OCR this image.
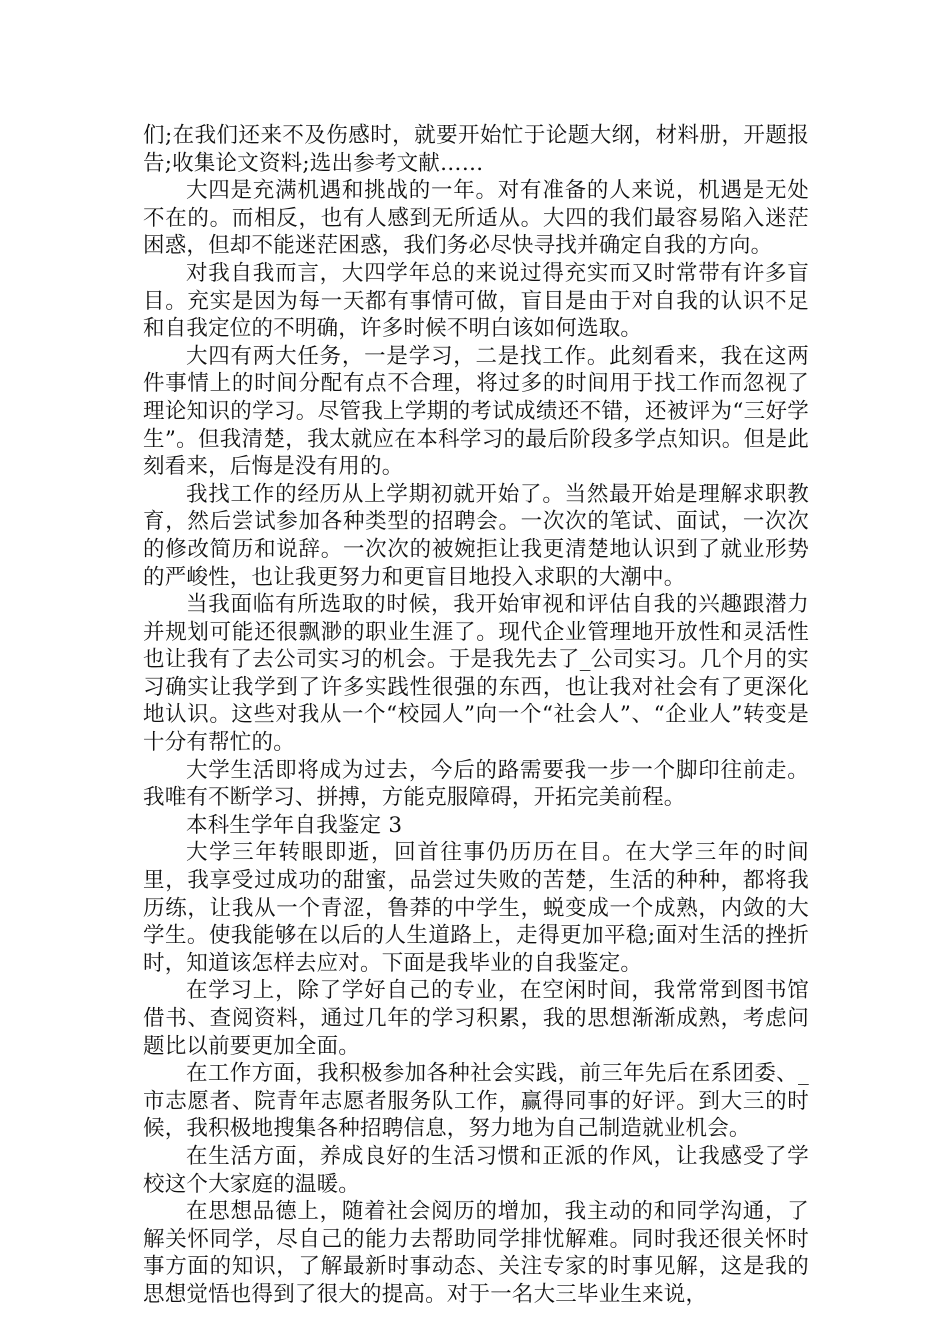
们;在我们还来不及伤感时，就要开始忙于论题大纲，材料册，开题报告;收集论文资料;选出参考文献……

大四是充满机遇和挑战的一年。对有准备的人来说，机遇是无处不在的。而相反，也有人感到无所适从。大四的我们最容易陷入迷茫困惑，但却不能迷茫困惑，我们务必尽快寻找并确定自我的方向。

对我自我而言，大四学年总的来说过得充实而又时常带有许多盲目。充实是因为每一天都有事情可做，盲目是由于对自我的认识不足和自我定位的不明确，许多时候不明白该如何选取。

大四有两大任务，一是学习，二是找工作。此刻看来，我在这两件事情上的时间分配有点不合理，将过多的时间用于找工作而忽视了理论知识的学习。尽管我上学期的考试成绩还不错，还被评为“三好学生”。但我清楚，我太就应在本科学习的最后阶段多学点知识。但是此刻看来，后悔是没有用的。

我找工作的经历从上学期初就开始了。当然最开始是理解求职教育，然后尝试参加各种类型的招聘会。一次次的笔试、面试，一次次的修改简历和说辞。一次次的被婉拒让我更清楚地认识到了就业形势的严峻性，也让我更努力和更盲目地投入求职的大潮中。

当我面临有所选取的时候，我开始审视和评估自我的兴趣跟潜力并规划可能还很飘渺的职业生涯了。现代企业管理地开放性和灵活性也让我有了去公司实习的机会。于是我先去了_公司实习。几个月的实习确实让我学到了许多实践性很强的东西，也让我对社会有了更深化地认识。这些对我从一个“校园人”向一个“社会人”、“企业人”转变是十分有帮忙的。

大学生活即将成为过去，今后的路需要我一步一个脚印往前走。我唯有不断学习、拼搏，方能克服障碍，开拓完美前程。

本科生学年自我鉴定 3

大学三年转眼即逝，回首往事仍历历在目。在大学三年的时间里，我享受过成功的甜蜜，品尝过失败的苦楚，生活的种种，都将我历练，让我从一个青涩，鲁莽的中学生，蜕变成一个成熟，内敛的大学生。使我能够在以后的人生道路上，走得更加平稳;面对生活的挫折时，知道该怎样去应对。下面是我毕业的自我鉴定。

在学习上，除了学好自己的专业，在空闲时间，我常常到图书馆借书、查阅资料，通过几年的学习积累，我的思想渐渐成熟，考虑问题比以前要更加全面。

在工作方面，我积极参加各种社会实践，前三年先后在系团委、_市志愿者、院青年志愿者服务队工作，赢得同事的好评。到大三的时候，我积极地搜集各种招聘信息，努力地为自己制造就业机会。

在生活方面，养成良好的生活习惯和正派的作风，让我感受了学校这个大家庭的温暖。

在思想品德上，随着社会阅历的增加，我主动的和同学沟通，了解关怀同学，尽自己的能力去帮助同学排忧解难。同时我还很关怀时事方面的知识，了解最新时事动态、关注专家的时事见解，这是我的思想觉悟也得到了很大的提高。对于一名大三毕业生来说，
